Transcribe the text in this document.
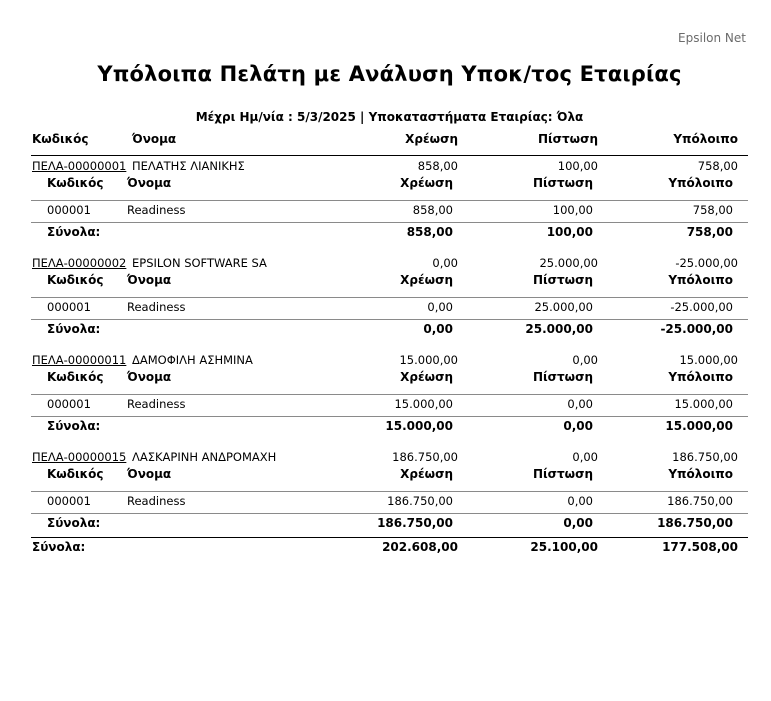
Epsilon Net
Υπόλοιπα Πελάτη με Ανάλυση Υποκ/τος Εταιρίας
Μέχρι Ημ/νία : 5/3/2025 | Υποκαταστήματα Εταιρίας: Όλα
Κωδικός	Όνομα	Χρέωση	Πίστωση	Υπόλοιπο
ΠΕΛΑ-00000001 ΠΕΛΑΤΗΣ ΛΙΑΝΙΚΗΣ	858,00	100,00	758,00
Κωδικός Όνομα	Χρέωση	Πίστωση	Υπόλοιπο
000001	Readiness	858,00	100,00	758,00
Σύνολα:	858,00	100,00	758,00
ΠΕΛΑ-00000002 EPSILON SOFTWARE SA	0,00	25.000,00	-25.000,00
Κωδικός Όνομα	Χρέωση	Πίστωση	Υπόλοιπο
000001	Readiness	0,00	25.000,00	-25.000,00
Σύνολα:	0,00	25.000,00	-25.000,00
ΠΕΛΑ-00000011 ΔΑΜΟΦΙΛΗ ΑΣΗΜΙΝΑ	15.000,00	0,00	15.000,00
Κωδικός Όνομα	Χρέωση	Πίστωση	Υπόλοιπο
000001	Readiness	15.000,00	0,00	15.000,00
Σύνολα:	15.000,00	0,00	15.000,00
ΠΕΛΑ-00000015 ΛΑΣΚΑΡΙΝΗ ΑΝΔΡΟΜΑΧΗ	186.750,00	0,00	186.750,00
Κωδικός Όνομα	Χρέωση	Πίστωση	Υπόλοιπο
000001	Readiness	186.750,00	0,00	186.750,00
Σύνολα:	186.750,00	0,00	186.750,00
Σύνολα:	202.608,00	25.100,00	177.508,00
